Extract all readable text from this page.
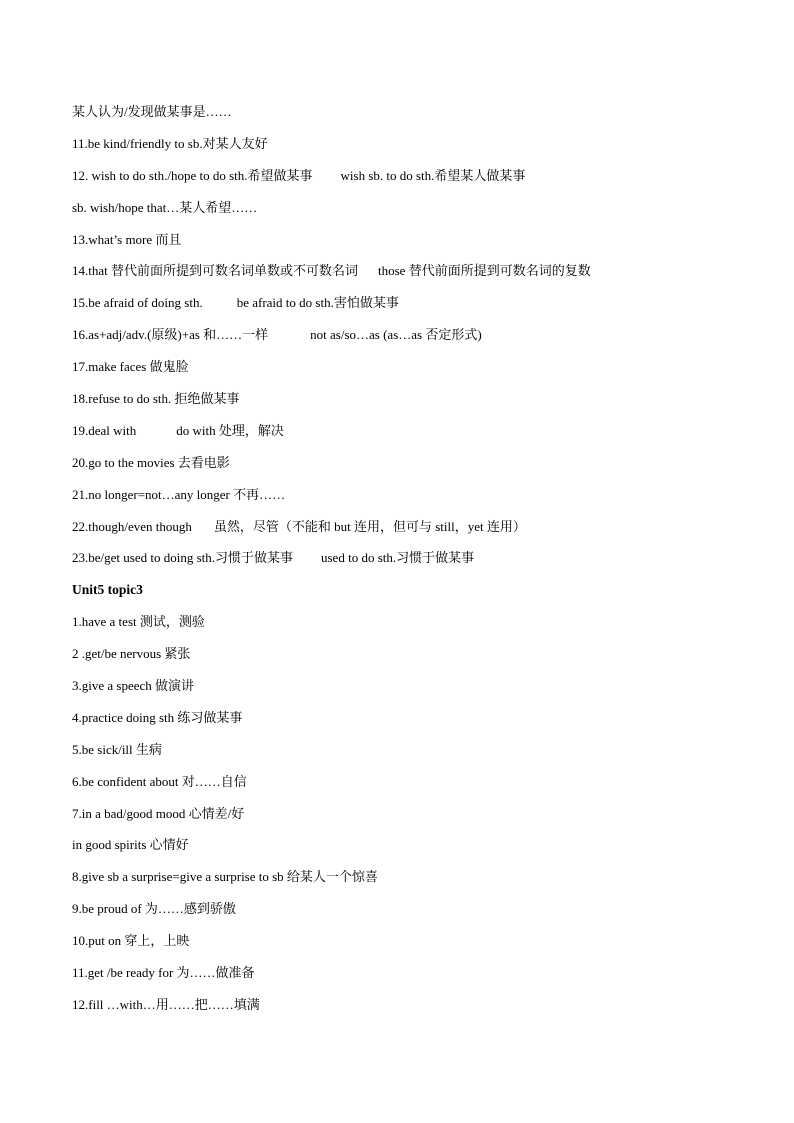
某人认为/发现做某事是……
11.be kind/friendly to sb.对某人友好
12. wish to do sth./hope to do sth.希望做某事 wish sb. to do sth.希望某人做某事
sb. wish/hope that…某人希望……
13.what’s more 而且
14.that 替代前面所提到可数名词单数或不可数名词 those 替代前面所提到可数名词的复数
15.be afraid of doing sth.	be afraid to do sth.害怕做某事
16.as+adj/adv.(原级)+as 和……一样	not as/so…as (as…as 否定形式)
17.make faces 做鬼脸
18.refuse to do sth. 拒绝做某事
19.deal with	do with 处理，解决
20.go to the movies 去看电影
21.no longer=not…any longer 不再……
22.though/even though 虽然，尽管（不能和 but 连用，但可与 still，yet 连用）
23.be/get used to doing sth.习惯于做某事 used to do sth.习惯于做某事
Unit5 topic3
1.have a test 测试，测验
2 .get/be nervous 紧张
3.give a speech 做演讲
4.practice doing sth 练习做某事
5.be sick/ill 生病
6.be confident about 对……自信
7.in a bad/good mood 心情差/好
in good spirits 心情好
8.give sb a surprise=give a surprise to sb 给某人一个惊喜
9.be proud of 为……感到骄傲
10.put on 穿上，上映
11.get /be ready for 为……做准备
12.fill …with…用……把……填满
